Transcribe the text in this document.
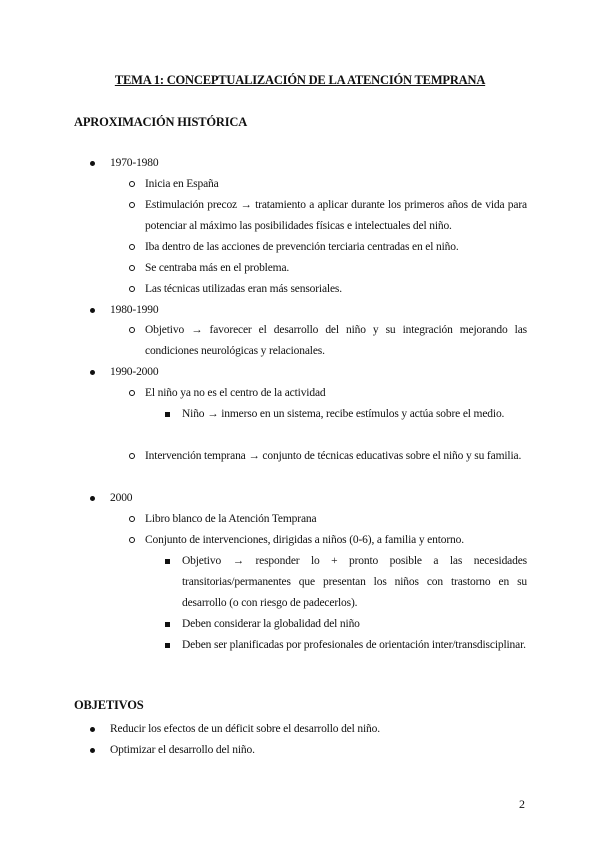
TEMA 1: CONCEPTUALIZACIÓN DE LA ATENCIÓN TEMPRANA
APROXIMACIÓN HISTÓRICA
1970-1980
Inicia en España
Estimulación precoz → tratamiento a aplicar durante los primeros años de vida para potenciar al máximo las posibilidades físicas e intelectuales del niño.
Iba dentro de las acciones de prevención terciaria centradas en el niño.
Se centraba más en el problema.
Las técnicas utilizadas eran más sensoriales.
1980-1990
Objetivo → favorecer el desarrollo del niño y su integración mejorando las condiciones neurológicas y relacionales.
1990-2000
El niño ya no es el centro de la actividad
Niño → inmerso en un sistema, recibe estímulos y actúa sobre el medio.
Intervención temprana → conjunto de técnicas educativas sobre el niño y su familia.
2000
Libro blanco de la Atención Temprana
Conjunto de intervenciones, dirigidas a niños (0-6), a familia y entorno.
Objetivo → responder lo + pronto posible a las necesidades transitorias/permanentes que presentan los niños con trastorno en su desarrollo (o con riesgo de padecerlos).
Deben considerar la globalidad del niño
Deben ser planificadas por profesionales de orientación inter/transdisciplinar.
OBJETIVOS
Reducir los efectos de un déficit sobre el desarrollo del niño.
Optimizar el desarrollo del niño.
2
